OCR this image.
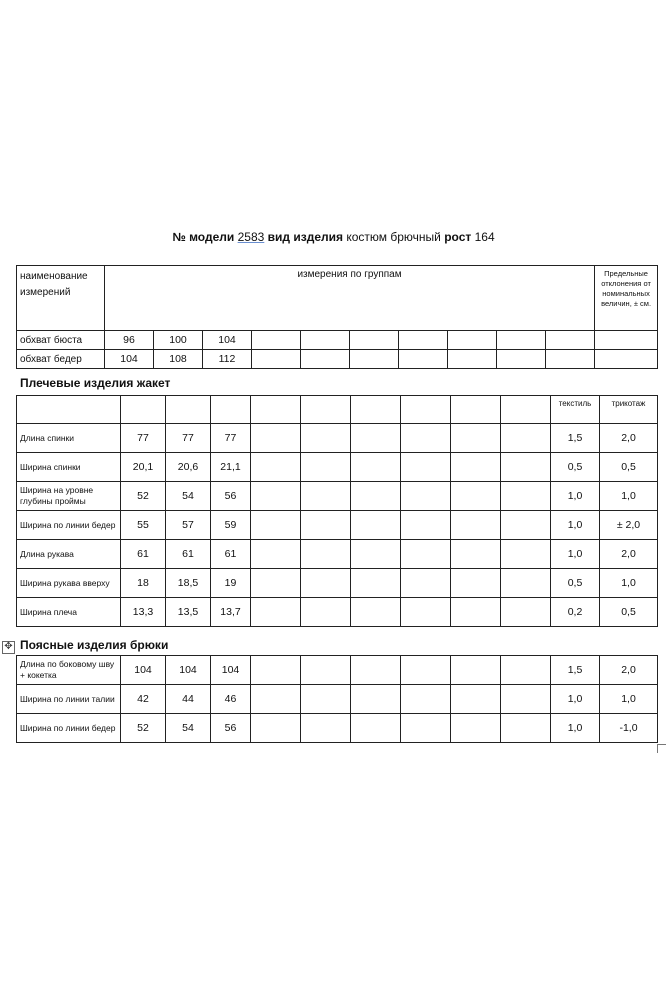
№ модели 2583 вид изделия костюм брючный рост 164
наименование измерений	измерения по группам										Предельные отклонения от номинальных величин, ± см.
обхват бюста	96	100	104								
обхват бедер	104	108	112								
Плечевые изделия жакет
										текстиль	трикотаж
Длина спинки	77	77	77							1,5	2,0
Ширина спинки	20,1	20,6	21,1							0,5	0,5
Ширина на уровне глубины проймы	52	54	56							1,0	1,0
Ширина по линии бедер	55	57	59							1,0	± 2,0
Длина рукава	61	61	61							1,0	2,0
Ширина рукава вверху	18	18,5	19							0,5	1,0
Ширина плеча	13,3	13,5	13,7							0,2	0,5
✥ Поясные изделия брюки
Длина по боковому шву + кокетка	104	104	104							1,5	2,0
Ширина по линии талии	42	44	46							1,0	1,0
Ширина по линии бедер	52	54	56							1,0	-1,0
